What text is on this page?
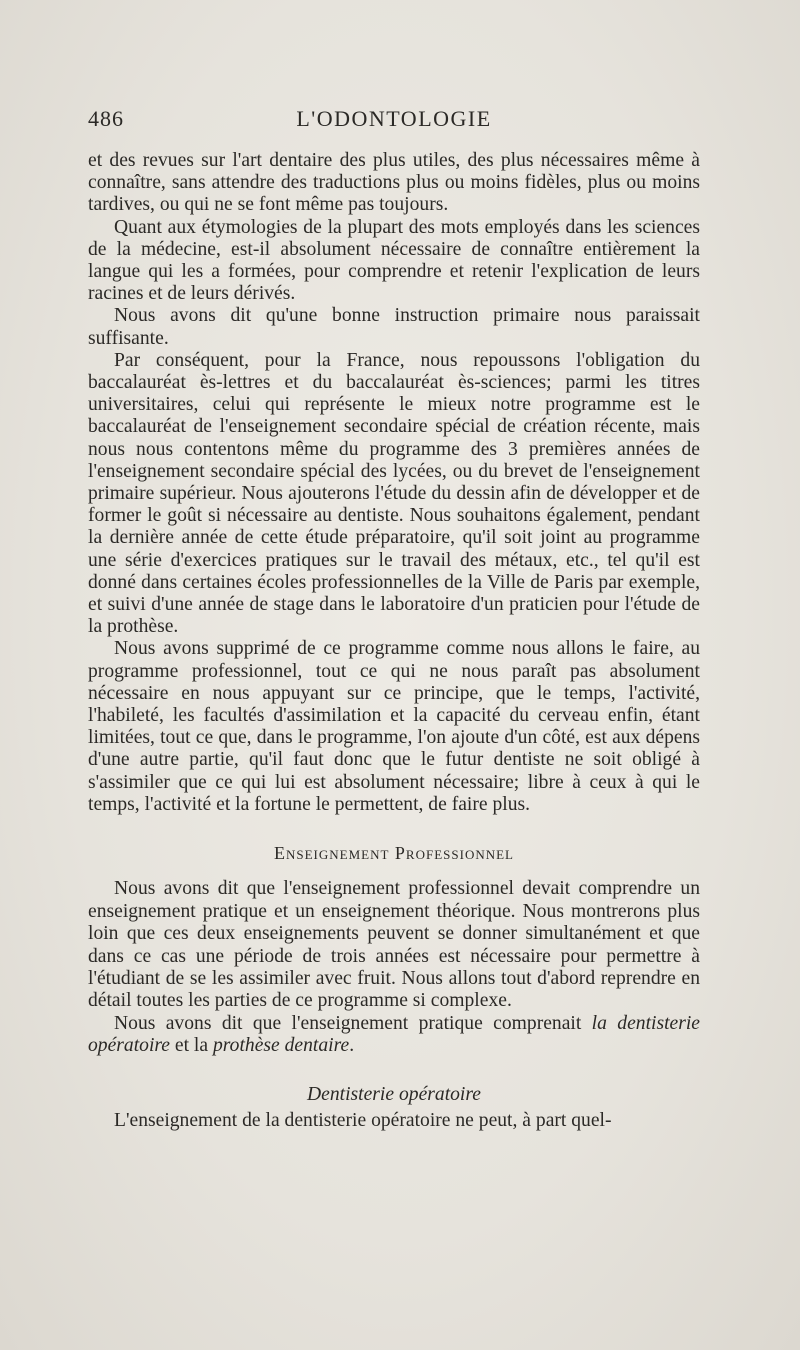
486	L'ODONTOLOGIE

et des revues sur l'art dentaire des plus utiles, des plus nécessaires même à connaître, sans attendre des traductions plus ou moins fidèles, plus ou moins tardives, ou qui ne se font même pas toujours.

Quant aux étymologies de la plupart des mots employés dans les sciences de la médecine, est-il absolument nécessaire de connaître entièrement la langue qui les a formées, pour comprendre et retenir l'explication de leurs racines et de leurs dérivés.

Nous avons dit qu'une bonne instruction primaire nous paraissait suffisante.

Par conséquent, pour la France, nous repoussons l'obligation du baccalauréat ès-lettres et du baccalauréat ès-sciences; parmi les titres universitaires, celui qui représente le mieux notre programme est le baccalauréat de l'enseignement secondaire spécial de création récente, mais nous nous contentons même du programme des 3 premières années de l'enseignement secondaire spécial des lycées, ou du brevet de l'enseignement primaire supérieur. Nous ajouterons l'étude du dessin afin de développer et de former le goût si nécessaire au dentiste. Nous souhaitons également, pendant la dernière année de cette étude préparatoire, qu'il soit joint au programme une série d'exercices pratiques sur le travail des métaux, etc., tel qu'il est donné dans certaines écoles professionnelles de la Ville de Paris par exemple, et suivi d'une année de stage dans le laboratoire d'un praticien pour l'étude de la prothèse.

Nous avons supprimé de ce programme comme nous allons le faire, au programme professionnel, tout ce qui ne nous paraît pas absolument nécessaire en nous appuyant sur ce principe, que le temps, l'activité, l'habileté, les facultés d'assimilation et la capacité du cerveau enfin, étant limitées, tout ce que, dans le programme, l'on ajoute d'un côté, est aux dépens d'une autre partie, qu'il faut donc que le futur dentiste ne soit obligé à s'assimiler que ce qui lui est absolument nécessaire; libre à ceux à qui le temps, l'activité et la fortune le permettent, de faire plus.

Enseignement Professionnel

Nous avons dit que l'enseignement professionnel devait comprendre un enseignement pratique et un enseignement théorique. Nous montrerons plus loin que ces deux enseignements peuvent se donner simultanément et que dans ce cas une période de trois années est nécessaire pour permettre à l'étudiant de se les assimiler avec fruit. Nous allons tout d'abord reprendre en détail toutes les parties de ce programme si complexe.

Nous avons dit que l'enseignement pratique comprenait la dentisterie opératoire et la prothèse dentaire.

Dentisterie opératoire

L'enseignement de la dentisterie opératoire ne peut, à part quel-
